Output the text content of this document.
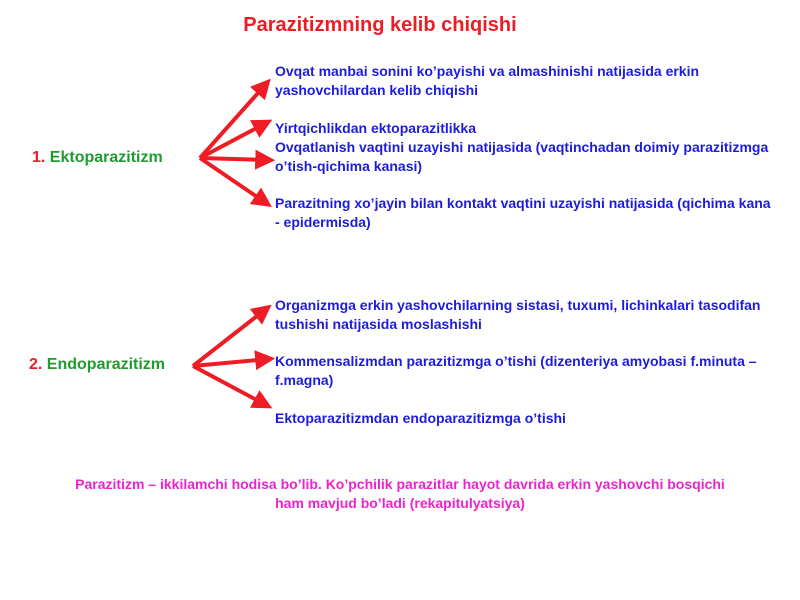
Parazitizmning kelib chiqishi
1. Ektoparazitizm
Ovqat manbai sonini ko’payishi va almashinishi natijasida erkin yashovchilardan kelib chiqishi
Yirtqichlikdan ektoparazitlikka
Ovqatlanish vaqtini uzayishi natijasida (vaqtinchadan doimiy parazitizmga o’tish-qichima kanasi)
Parazitning xo’jayin bilan kontakt vaqtini uzayishi natijasida (qichima kana - epidermisda)
2. Endoparazitizm
Organizmga erkin yashovchilarning sistasi, tuxumi, lichinkalari tasodifan tushishi natijasida moslashishi
Kommensalizmdan parazitizmga o’tishi (dizenteriya amyobasi f.minuta – f.magna)
Ektoparazitizmdan endoparazitizmga o’tishi
Parazitizm – ikkilamchi hodisa bo’lib. Ko’pchilik parazitlar hayot davrida erkin yashovchi bosqichi ham mavjud bo’ladi (rekapitulyatsiya)
